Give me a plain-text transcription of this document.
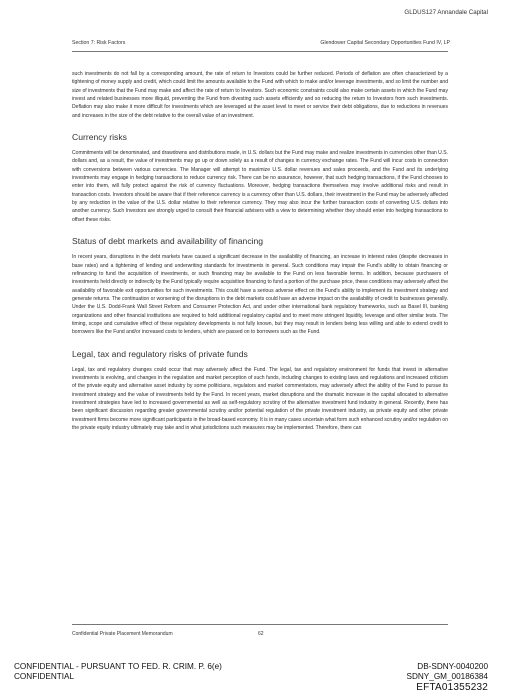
GLDUS127 Annandale Capital
Section 7: Risk Factors	Glendower Capital Secondary Opportunities Fund IV, LP

such investments do not fall by a corresponding amount, the rate of return to Investors could be further reduced. Periods of deflation are often characterized by a tightening of money supply and credit, which could limit the amounts available to the Fund with which to make and/or leverage investments, and so limit the number and size of investments that the Fund may make and affect the rate of return to Investors. Such economic constraints could also make certain assets in which the Fund may invest and related businesses more illiquid, preventing the Fund from divesting such assets efficiently and so reducing the return to Investors from such investments. Deflation may also make it more difficult for investments which are leveraged at the asset level to meet or service their debt obligations, due to reductions in revenues and increases in the size of the debt relative to the overall value of an investment.

Currency risks

Commitments will be denominated, and drawdowns and distributions made, in U.S. dollars but the Fund may make and realize investments in currencies other than U.S. dollars and, as a result, the value of investments may go up or down solely as a result of changes in currency exchange rates. The Fund will incur costs in connection with conversions between various currencies. The Manager will attempt to maximize U.S. dollar revenues and sales proceeds, and the Fund and its underlying investments may engage in hedging transactions to reduce currency risk. There can be no assurance, however, that such hedging transactions, if the Fund chooses to enter into them, will fully protect against the risk of currency fluctuations. Moreover, hedging transactions themselves may involve additional risks and result in transaction costs. Investors should be aware that if their reference currency is a currency other than U.S. dollars, their investment in the Fund may be adversely affected by any reduction in the value of the U.S. dollar relative to their reference currency. They may also incur the further transaction costs of converting U.S. dollars into another currency. Such Investors are strongly urged to consult their financial advisers with a view to determining whether they should enter into hedging transactions to offset these risks.

Status of debt markets and availability of financing

In recent years, disruptions in the debt markets have caused a significant decrease in the availability of financing, an increase in interest rates (despite decreases in base rates) and a tightening of lending and underwriting standards for investments in general. Such conditions may impair the Fund's ability to obtain financing or refinancing to fund the acquisition of investments, or such financing may be available to the Fund on less favorable terms. In addition, because purchasers of investments held directly or indirectly by the Fund typically require acquisition financing to fund a portion of the purchase price, these conditions may adversely affect the availability of favorable exit opportunities for such investments. This could have a serious adverse effect on the Fund's ability to implement its investment strategy and generate returns. The continuation or worsening of the disruptions in the debt markets could have an adverse impact on the availability of credit to businesses generally. Under the U.S. Dodd-Frank Wall Street Reform and Consumer Protection Act, and under other international bank regulatory frameworks, such as Basel III, banking organizations and other financial institutions are required to hold additional regulatory capital and to meet more stringent liquidity, leverage and other similar tests. The timing, scope and cumulative effect of these regulatory developments is not fully known, but they may result in lenders being less willing and able to extend credit to borrowers like the Fund and/or increased costs to lenders, which are passed on to borrowers such as the Fund.

Legal, tax and regulatory risks of private funds

Legal, tax and regulatory changes could occur that may adversely affect the Fund. The legal, tax and regulatory environment for funds that invest in alternative investments is evolving, and changes in the regulation and market perception of such funds, including changes to existing laws and regulations and increased criticism of the private equity and alternative asset industry by some politicians, regulators and market commentators, may adversely affect the ability of the Fund to pursue its investment strategy and the value of investments held by the Fund. In recent years, market disruptions and the dramatic increase in the capital allocated to alternative investment strategies have led to increased governmental as well as self-regulatory scrutiny of the alternative investment fund industry in general. Recently, there has been significant discussion regarding greater governmental scrutiny and/or potential regulation of the private investment industry, as private equity and other private investment firms become more significant participants in the broad-based economy. It is in many cases uncertain what form such enhanced scrutiny and/or regulation on the private equity industry ultimately may take and in what jurisdictions such measures may be implemented. Therefore, there can

Confidential Private Placement Memorandum	62
CONFIDENTIAL - PURSUANT TO FED. R. CRIM. P. 6(e)
CONFIDENTIAL
DB-SDNY-0040200
SDNY_GM_00186384
EFTA01355232
